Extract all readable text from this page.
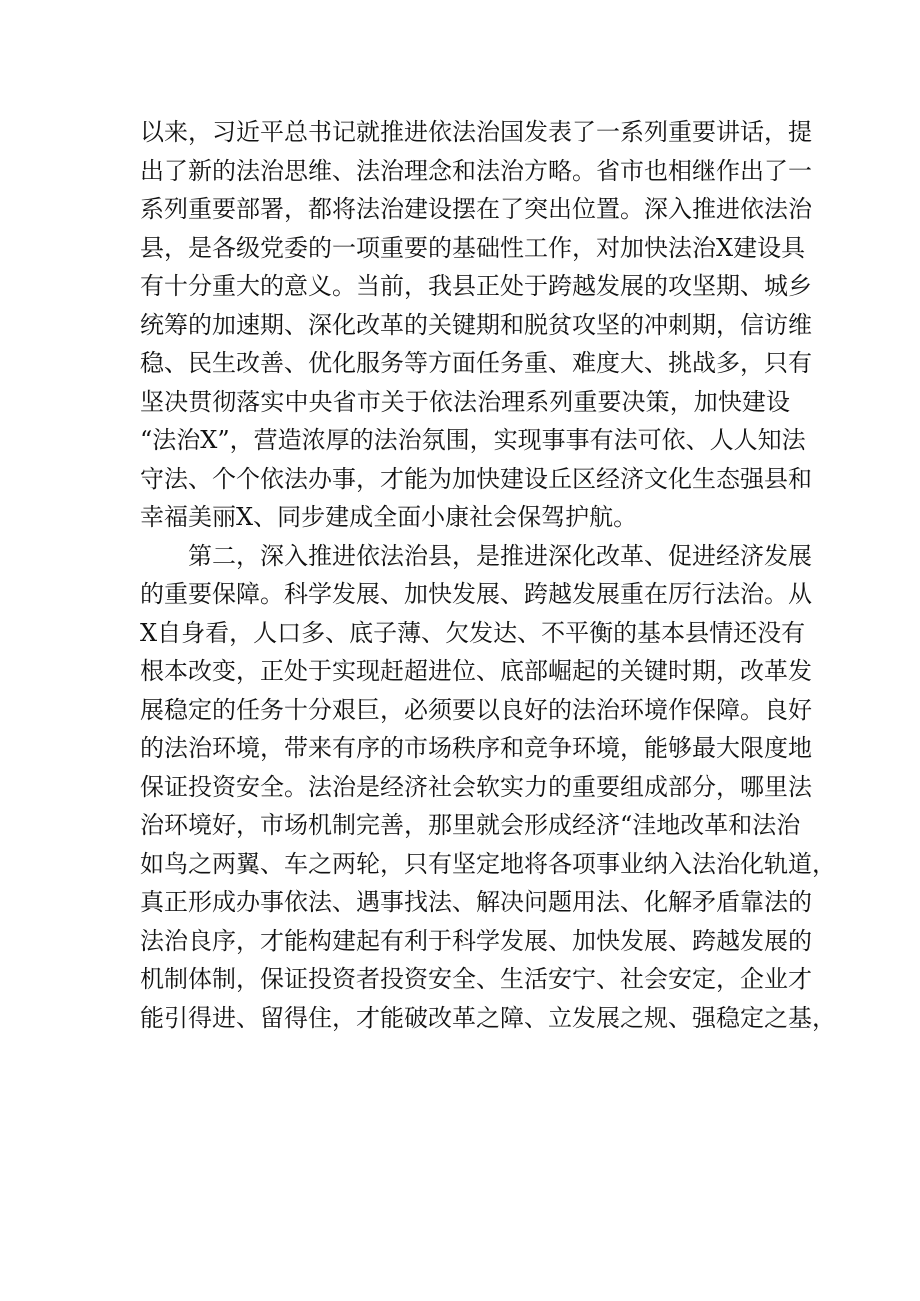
以来，习近平总书记就推进依法治国发表了一系列重要讲话，提
出了新的法治思维、法治理念和法治方略。省市也相继作出了一
系列重要部署，都将法治建设摆在了突出位置。深入推进依法治
县，是各级党委的一项重要的基础性工作，对加快法治X建设具
有十分重大的意义。当前，我县正处于跨越发展的攻坚期、城乡
统筹的加速期、深化改革的关键期和脱贫攻坚的冲刺期，信访维
稳、民生改善、优化服务等方面任务重、难度大、挑战多，只有
坚决贯彻落实中央省市关于依法治理系列重要决策，加快建设
“法治X”，营造浓厚的法治氛围，实现事事有法可依、人人知法
守法、个个依法办事，才能为加快建设丘区经济文化生态强县和
幸福美丽X、同步建成全面小康社会保驾护航。
第二，深入推进依法治县，是推进深化改革、促进经济发展
的重要保障。科学发展、加快发展、跨越发展重在厉行法治。从
X自身看，人口多、底子薄、欠发达、不平衡的基本县情还没有
根本改变，正处于实现赶超进位、底部崛起的关键时期，改革发
展稳定的任务十分艰巨，必须要以良好的法治环境作保障。良好
的法治环境，带来有序的市场秩序和竞争环境，能够最大限度地
保证投资安全。法治是经济社会软实力的重要组成部分，哪里法
治环境好，市场机制完善，那里就会形成经济“洼地改革和法治
如鸟之两翼、车之两轮，只有坚定地将各项事业纳入法治化轨道，
真正形成办事依法、遇事找法、解决问题用法、化解矛盾靠法的
法治良序，才能构建起有利于科学发展、加快发展、跨越发展的
机制体制，保证投资者投资安全、生活安宁、社会安定，企业才
能引得进、留得住，才能破改革之障、立发展之规、强稳定之基，
